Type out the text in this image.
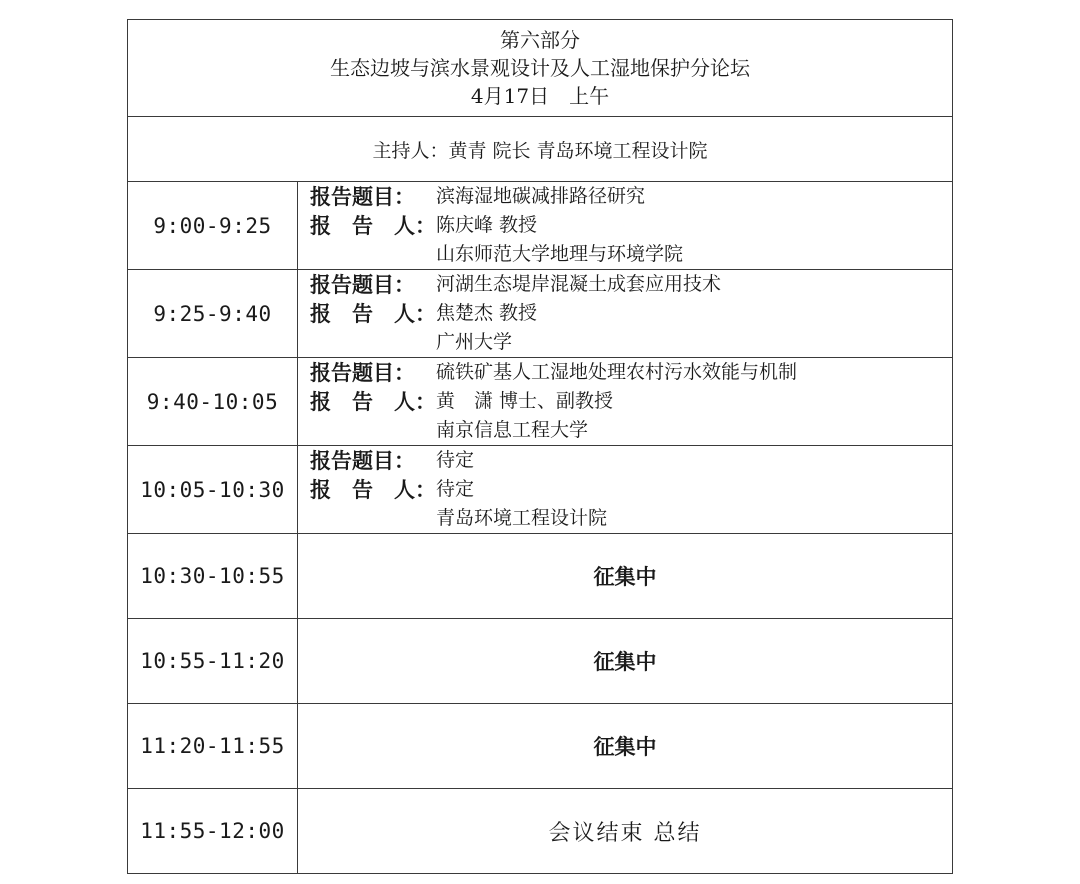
第六部分
生态边坡与滨水景观设计及人工湿地保护分论坛
4月17日　上午	

主持人：黄青 院长 青岛环境工程设计院	
9:00-9:25	报告题目： 滨海湿地碳减排路径研究
报　告　人： 陈庆峰 教授
山东师范大学地理与环境学院

9:25-9:40	报告题目： 河湖生态堤岸混凝土成套应用技术
报　告　人： 焦楚杰 教授
广州大学

9:40-10:05	报告题目： 硫铁矿基人工湿地处理农村污水效能与机制
报　告　人： 黄　潇 博士、副教授
南京信息工程大学

10:05-10:30	报告题目： 待定
报　告　人： 待定
青岛环境工程设计院

10:30-10:55	征集中
10:55-11:20	征集中
11:20-11:55	征集中
11:55-12:00	会议结束 总结
